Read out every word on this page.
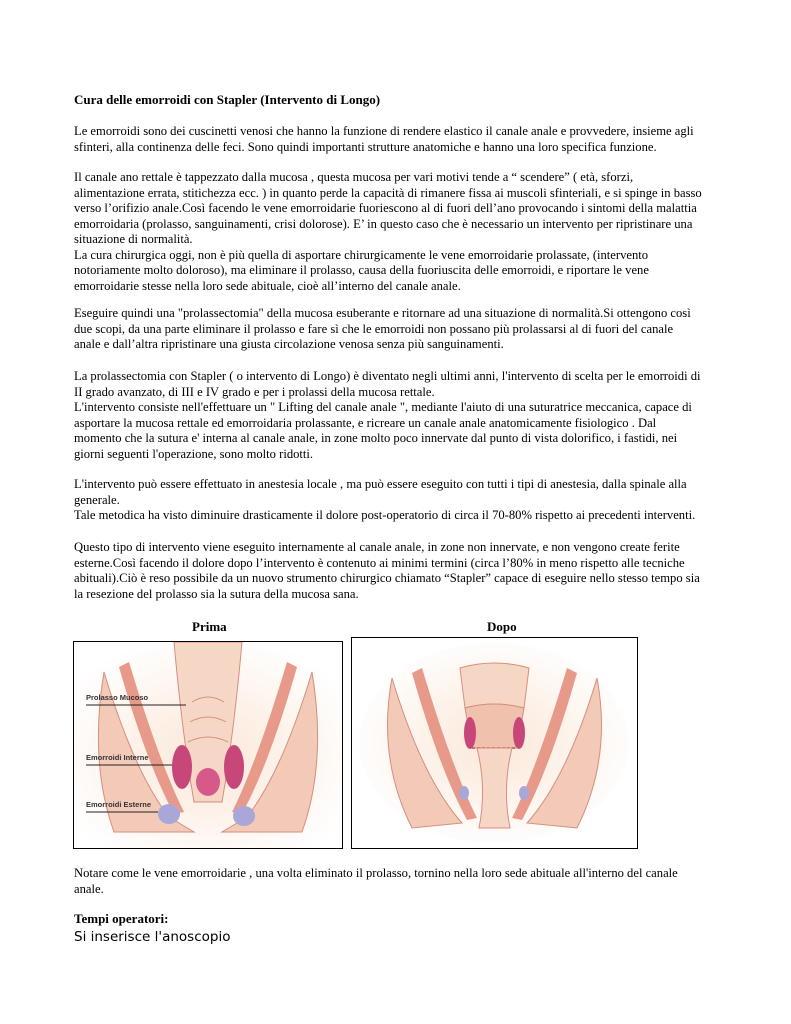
Cura delle emorroidi con Stapler (Intervento di Longo)
Le emorroidi sono dei cuscinetti venosi che hanno la funzione di rendere elastico il canale anale e provvedere, insieme agli
sfinteri, alla continenza delle feci. Sono quindi importanti strutture anatomiche e hanno una loro specifica funzione.
Il canale ano rettale è tappezzato dalla mucosa , questa mucosa per vari motivi tende a “ scendere” ( età, sforzi,
alimentazione errata, stitichezza ecc. ) in quanto perde la capacità di rimanere fissa ai muscoli sfinteriali, e si spinge in basso
verso l’orifizio anale.Così facendo le vene emorroidarie fuoriescono al di fuori dell’ano provocando i sintomi della malattia
emorroidaria (prolasso, sanguinamenti, crisi dolorose). E’ in questo caso che è necessario un intervento per ripristinare una
situazione di normalità.
La cura chirurgica oggi, non è più quella di asportare chirurgicamente le vene emorroidarie prolassate, (intervento
notoriamente molto doloroso), ma eliminare il prolasso, causa della fuoriuscita delle emorroidi, e riportare le vene
emorroidarie stesse nella loro sede abituale, cioè all’interno del canale anale.
Eseguire quindi una "prolassectomia" della mucosa esuberante e ritornare ad una situazione di normalità.Si ottengono così
due scopi, da una parte eliminare il prolasso e fare sì che le emorroidi non possano più prolassarsi al di fuori del canale
anale e dall’altra ripristinare una giusta circolazione venosa senza più sanguinamenti.
La prolassectomia con Stapler ( o intervento di Longo) è diventato negli ultimi anni, l'intervento di scelta per le emorroidi di
II grado avanzato, di III e IV grado e per i prolassi della mucosa rettale.
L'intervento consiste nell'effettuare un " Lifting del canale anale ", mediante l'aiuto di una suturatrice meccanica, capace di
asportare la mucosa rettale ed emorroidaria prolassante, e ricreare un canale anale anatomicamente fisiologico . Dal
momento che la sutura e' interna al canale anale, in zone molto poco innervate dal punto di vista dolorifico, i fastidi, nei
giorni seguenti l'operazione, sono molto ridotti.
L'intervento può essere effettuato in anestesia locale , ma può essere eseguito con tutti i tipi di anestesia, dalla spinale alla
generale.
Tale metodica ha visto diminuire drasticamente il dolore post-operatorio di circa il 70-80% rispetto ai precedenti interventi.
Questo tipo di intervento viene eseguito internamente al canale anale, in zone non innervate, e non vengono create ferite
esterne.Così facendo il dolore dopo l’intervento è contenuto ai minimi termini (circa l’80% in meno rispetto alle tecniche
abituali).Ciò è reso possibile da un nuovo strumento chirurgico chiamato “Stapler” capace di eseguire nello stesso tempo sia
la resezione del prolasso sia la sutura della mucosa sana.
Prima	Dopo
Prolasso Mucoso
Emorroidi Interne
Emorroidi Esterne
Notare come le vene emorroidarie , una volta eliminato il prolasso, tornino nella loro sede abituale all'interno del canale
anale.
Tempi operatori:
Si inserisce l'anoscopio
